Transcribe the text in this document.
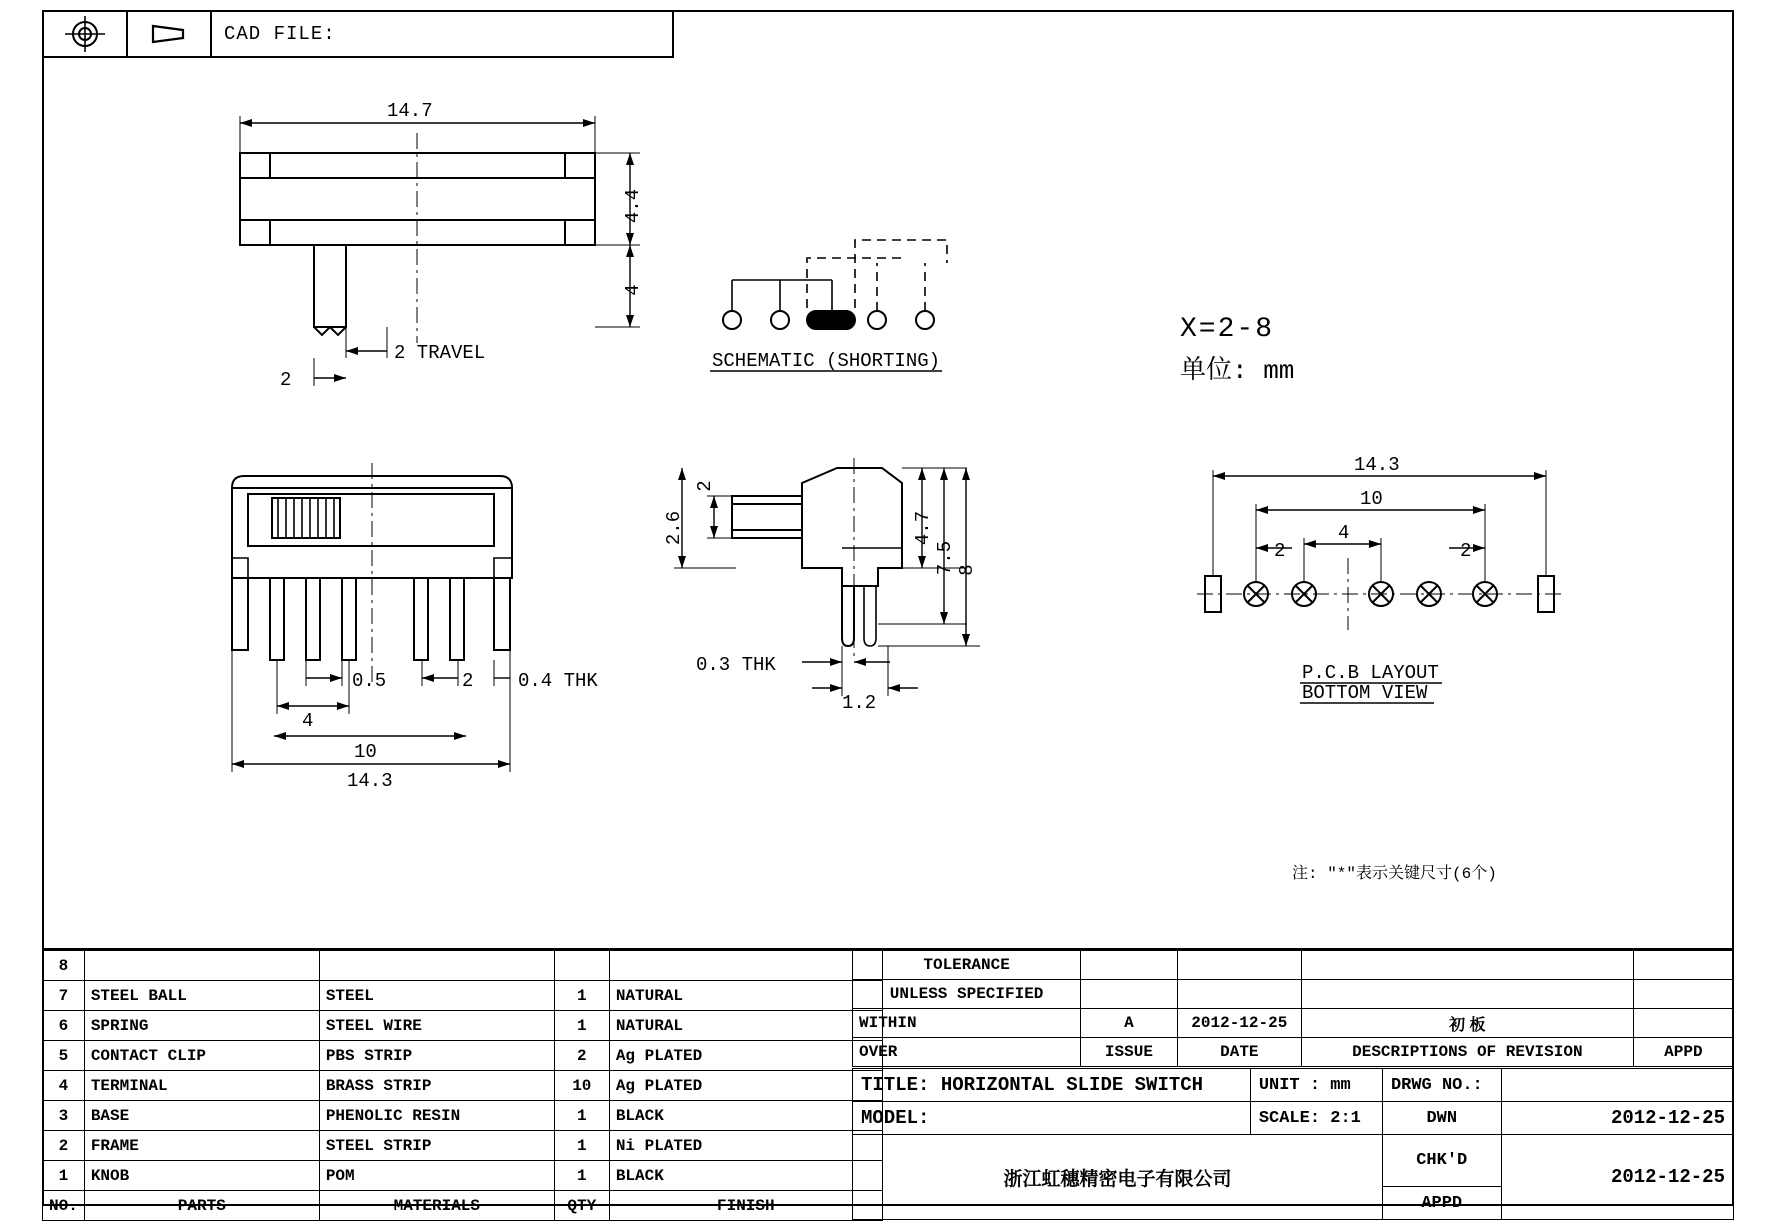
CAD FILE:
14.7
4.4
4
2 TRAVEL
2
SCHEMATIC (SHORTING)
X=2-8
单位: mm
0.5
4
2 0.4 THK
10
14.3
2
2.6	4.7
7.5 8
0.3 THK
1.2
14.3
10
2
4
2
P.C.B LAYOUT
BOTTOM VIEW
注: "*"表示关键尺寸(6个)
8				
7	STEEL BALL	STEEL	1	NATURAL
6	SPRING	STEEL WIRE	1	NATURAL
5	CONTACT CLIP	PBS STRIP	2	Ag PLATED
4	TERMINAL	BRASS STRIP	10	Ag PLATED
3	BASE	PHENOLIC RESIN	1	BLACK
2	FRAME	STEEL STRIP	1	Ni PLATED
1	KNOB	POM	1	BLACK
NO.	PARTS	MATERIALS	QTY	FINISH
TOLERANCE				
UNLESS SPECIFIED				
WITHIN	A	2012-12-25	初 板	
OVER	ISSUE	DATE	DESCRIPTIONS OF REVISION	APPD
TITLE: HORIZONTAL SLIDE SWITCH	UNIT : mm	DRWG NO.:	
MODEL:	SCALE: 2:1	DWN	2012-12-25
浙江虹穗精密电子有限公司		CHK'D	2012-12-25
		APPD	
